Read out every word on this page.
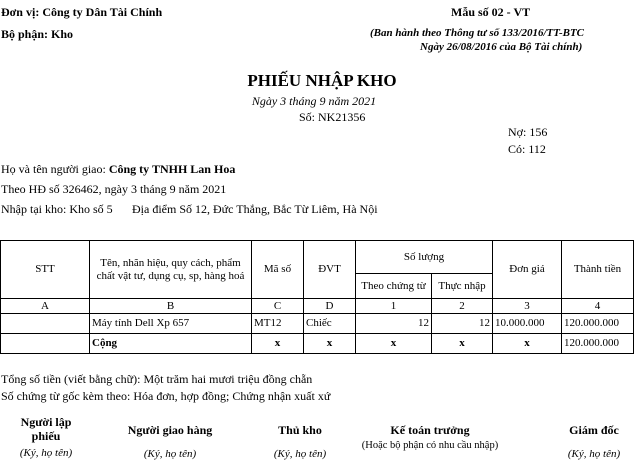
Đơn vị: Công ty Dân Tài Chính
Bộ phận: Kho
Mẫu số 02 - VT
(Ban hành theo Thông tư số 133/2016/TT-BTC
Ngày 26/08/2016 của Bộ Tài chính)
PHIẾU NHẬP KHO
Ngày 3 tháng 9 năm 2021
Số: NK21356
Nợ: 156
Có: 112
Họ và tên người giao: Công ty TNHH Lan Hoa
Theo HĐ số 326462, ngày 3 tháng 9 năm 2021
Nhập tại kho: Kho số 5 Địa điểm Số 12, Đức Thắng, Bắc Từ Liêm, Hà Nội
STT	Tên, nhãn hiệu, quy cách, phẩm chất vật tư, dụng cụ, sp, hàng hoá	Mã số	ĐVT	Số lượng		Đơn giá	Thành tiền
				Theo chứng từ	Thực nhập		
A	B	C	D	1	2	3	4
	Máy tính Dell Xp 657	MT12	Chiếc	12	12	10.000.000	120.000.000
	Cộng	x	x	x	x	x	120.000.000
Tổng số tiền (viết bằng chữ): Một trăm hai mươi triệu đồng chẵn
Số chứng từ gốc kèm theo: Hóa đơn, hợp đồng; Chứng nhận xuất xứ
Người lập phiếu
(Ký, họ tên)
Người giao hàng
(Ký, họ tên)
Thủ kho
(Ký, họ tên)
Kế toán trưởng
(Hoặc bộ phận có nhu cầu nhập)
Giám đốc
(Ký, họ tên)
